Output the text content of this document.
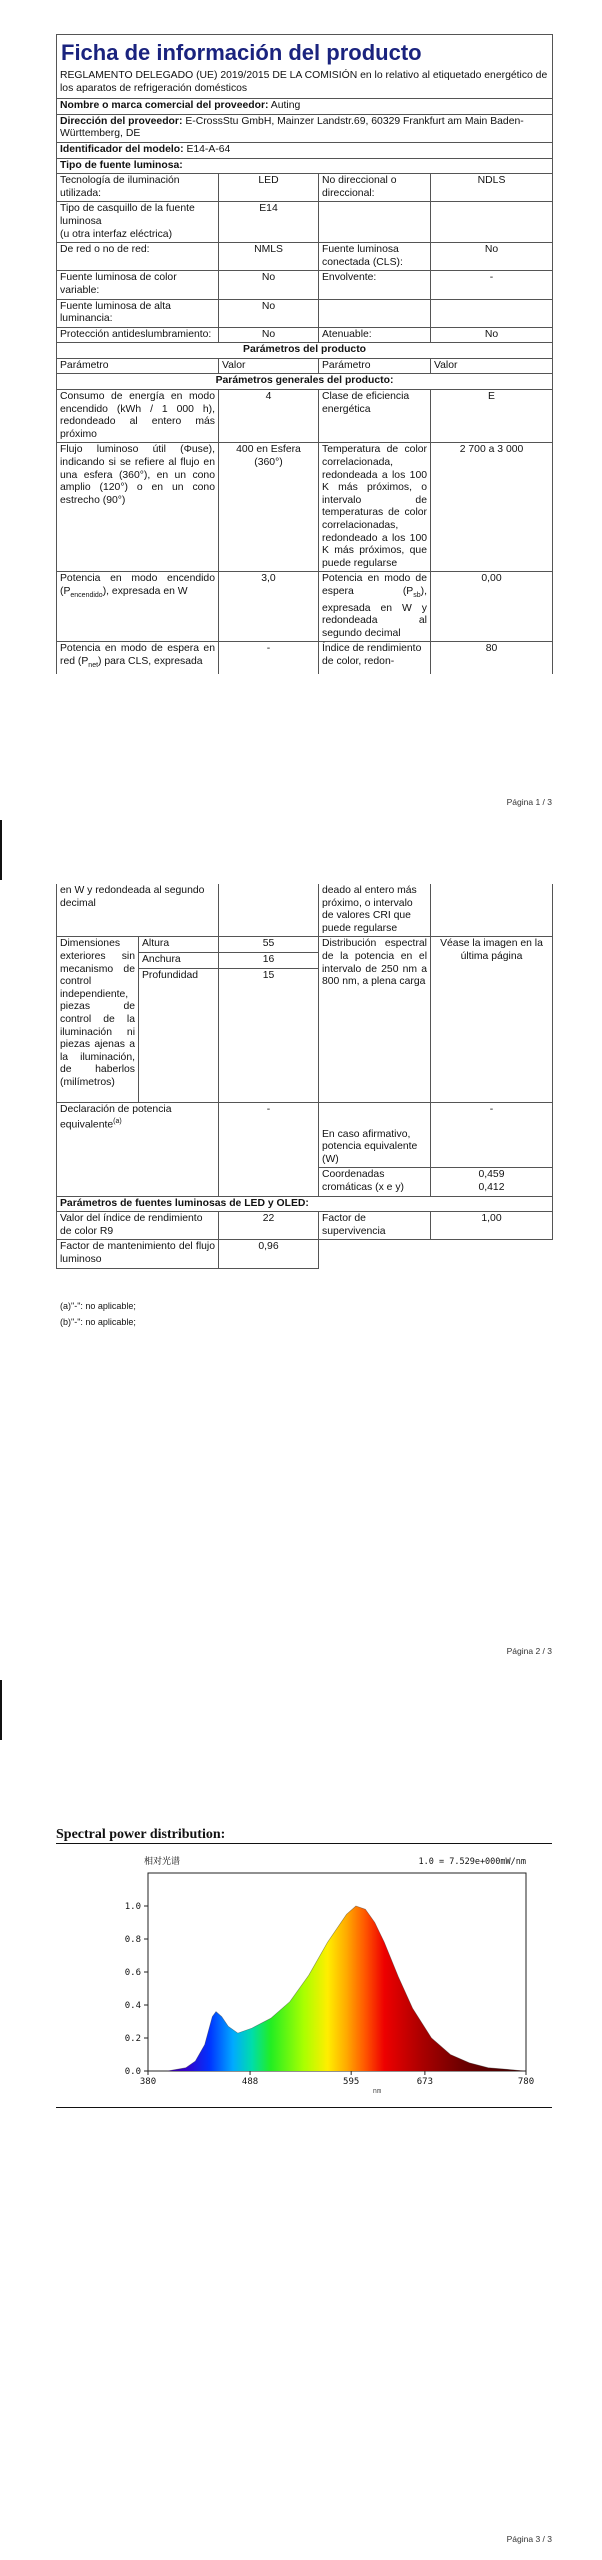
Ficha de información del producto			
REGLAMENTO DELEGADO (UE) 2019/2015 DE LA COMISIÓN en lo relativo al etiquetado energético de los aparatos de refrigeración domésticos			
Nombre o marca comercial del proveedor: Auting			
Dirección del proveedor: E-CrossStu GmbH, Mainzer Landstr.69, 60329 Frankfurt am Main Baden-Württemberg, DE			
Identificador del modelo: E14-A-64			
Tipo de fuente luminosa:			
Tecnología de iluminación utilizada:	LED	No direccional o direccional:	NDLS
Tipo de casquillo de la fuente luminosa
(u otra interfaz eléctrica)	E14		
De red o no de red:	NMLS	Fuente luminosa conectada (CLS):	No
Fuente luminosa de color variable:	No	Envolvente:	-
Fuente luminosa de alta luminancia:	No		
Protección antideslumbramiento:	No	Atenuable:	No
Parámetros del producto			
Parámetro	Valor	Parámetro	Valor
Parámetros generales del producto:			
Consumo de energía en modo encendido (kWh / 1 000 h), redondeado al entero más próximo	4	Clase de eficiencia energética	E
Flujo luminoso útil (Φuse), indicando si se refiere al flujo en una esfera (360°), en un cono amplio (120°) o en un cono estrecho (90°)	400 en Esfera (360°)	Temperatura de color correlacionada, redondeada a los 100 K más próximos, o intervalo de temperaturas de color correlacionadas, redondeado a los 100 K más próximos, que puede regularse	2 700 a 3 000
Potencia en modo encendido $(P_{encendido})$, expresada en W	3,0	Potencia en modo de espera $(P_{sb})$, expresada en W y redondeada al segundo decimal	0,00
Potencia en modo de espera en red $(P_{net})$ para CLS, expresada	-	Índice de rendimiento de color, redon-	80
Página 1 / 3
en W y redondeada al segundo decimal			deado al entero más próximo, o intervalo de valores CRI que puede regularse	
Dimensiones exteriores sin mecanismo de control independiente, piezas de control de la iluminación ni piezas ajenas a la iluminación, de haberlos (milímetros)	Altura	55	Distribución espectral de la potencia en el intervalo de 250 nm a 800 nm, a plena carga	Véase la imagen en la última página
	Anchura	16		
	Profundidad	15		
Declaración de potencia equivalente$^{(a)}$		-	En caso afirmativo, potencia equivalente (W)	-
			Coordenadas cromáticas (x e y)	0,459
0,412
Parámetros de fuentes luminosas de LED y OLED:				
Valor del índice de rendimiento de color R9		22	Factor de supervivencia	1,00
Factor de mantenimiento del flujo luminoso		0,96		
(a)"-": no aplicable;
(b)"-": no aplicable;
Página 2 / 3
Spectral power distribution:
0.0
0.2
0.4
0.6
0.8
1.0
380	488	595	673	780
相对光谱	1.0 = 7.529e+000mW/nm
nm
Página 3 / 3
